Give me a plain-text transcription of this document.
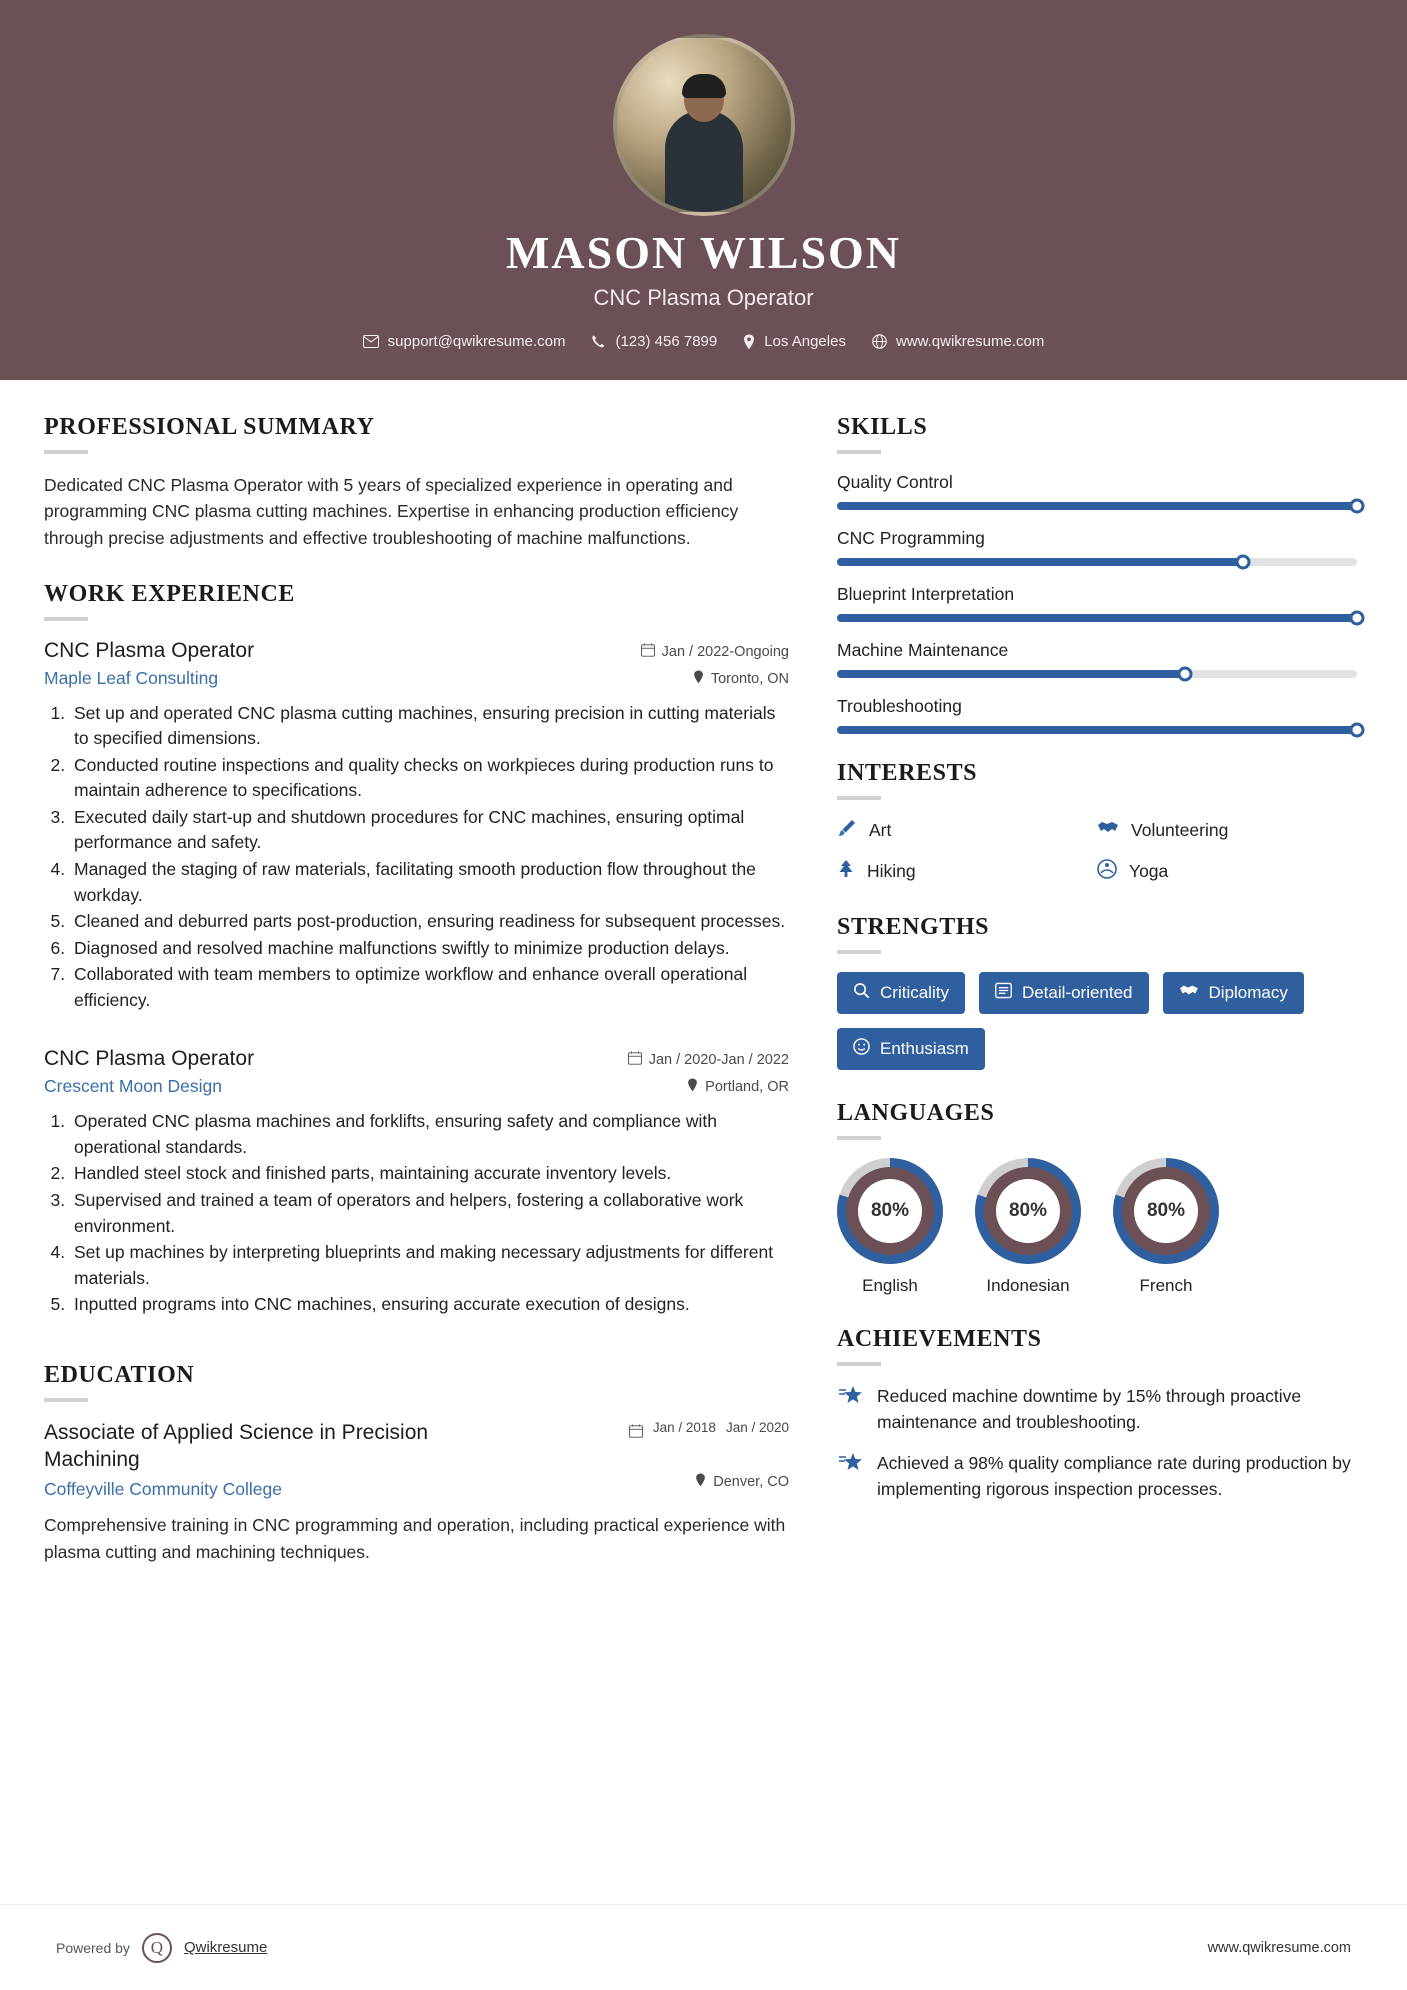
MASON WILSON
CNC Plasma Operator
support@qwikresume.com	(123) 456 7899	Los Angeles	www.qwikresume.com
PROFESSIONAL SUMMARY
Dedicated CNC Plasma Operator with 5 years of specialized experience in operating and programming CNC plasma cutting machines. Expertise in enhancing production efficiency through precise adjustments and effective troubleshooting of machine malfunctions.
WORK EXPERIENCE
CNC Plasma Operator	Jan / 2022-Ongoing
Maple Leaf Consulting	Toronto, ON
1. Set up and operated CNC plasma cutting machines, ensuring precision in cutting materials to specified dimensions.
2. Conducted routine inspections and quality checks on workpieces during production runs to maintain adherence to specifications.
3. Executed daily start-up and shutdown procedures for CNC machines, ensuring optimal performance and safety.
4. Managed the staging of raw materials, facilitating smooth production flow throughout the workday.
5. Cleaned and deburred parts post-production, ensuring readiness for subsequent processes.
6. Diagnosed and resolved machine malfunctions swiftly to minimize production delays.
7. Collaborated with team members to optimize workflow and enhance overall operational efficiency.
CNC Plasma Operator	Jan / 2020-Jan / 2022
Crescent Moon Design	Portland, OR
1. Operated CNC plasma machines and forklifts, ensuring safety and compliance with operational standards.
2. Handled steel stock and finished parts, maintaining accurate inventory levels.
3. Supervised and trained a team of operators and helpers, fostering a collaborative work environment.
4. Set up machines by interpreting blueprints and making necessary adjustments for different materials.
5. Inputted programs into CNC machines, ensuring accurate execution of designs.
EDUCATION
Associate of Applied Science in Precision Machining
Jan / 2018 Jan / 2020
Coffeyville Community College	Denver, CO
Comprehensive training in CNC programming and operation, including practical experience with plasma cutting and machining techniques.
SKILLS
Quality Control
CNC Programming
Blueprint Interpretation
Machine Maintenance
Troubleshooting
INTERESTS
Art	Volunteering
Hiking	Yoga
STRENGTHS
Criticality	Detail-oriented	Diplomacy
Enthusiasm
LANGUAGES
80%
English
80%
Indonesian
80%
French
ACHIEVEMENTS
Reduced machine downtime by 15% through proactive maintenance and troubleshooting.
Achieved a 98% quality compliance rate during production by implementing rigorous inspection processes.
Powered by	Q	Qwikresume	www.qwikresume.com
